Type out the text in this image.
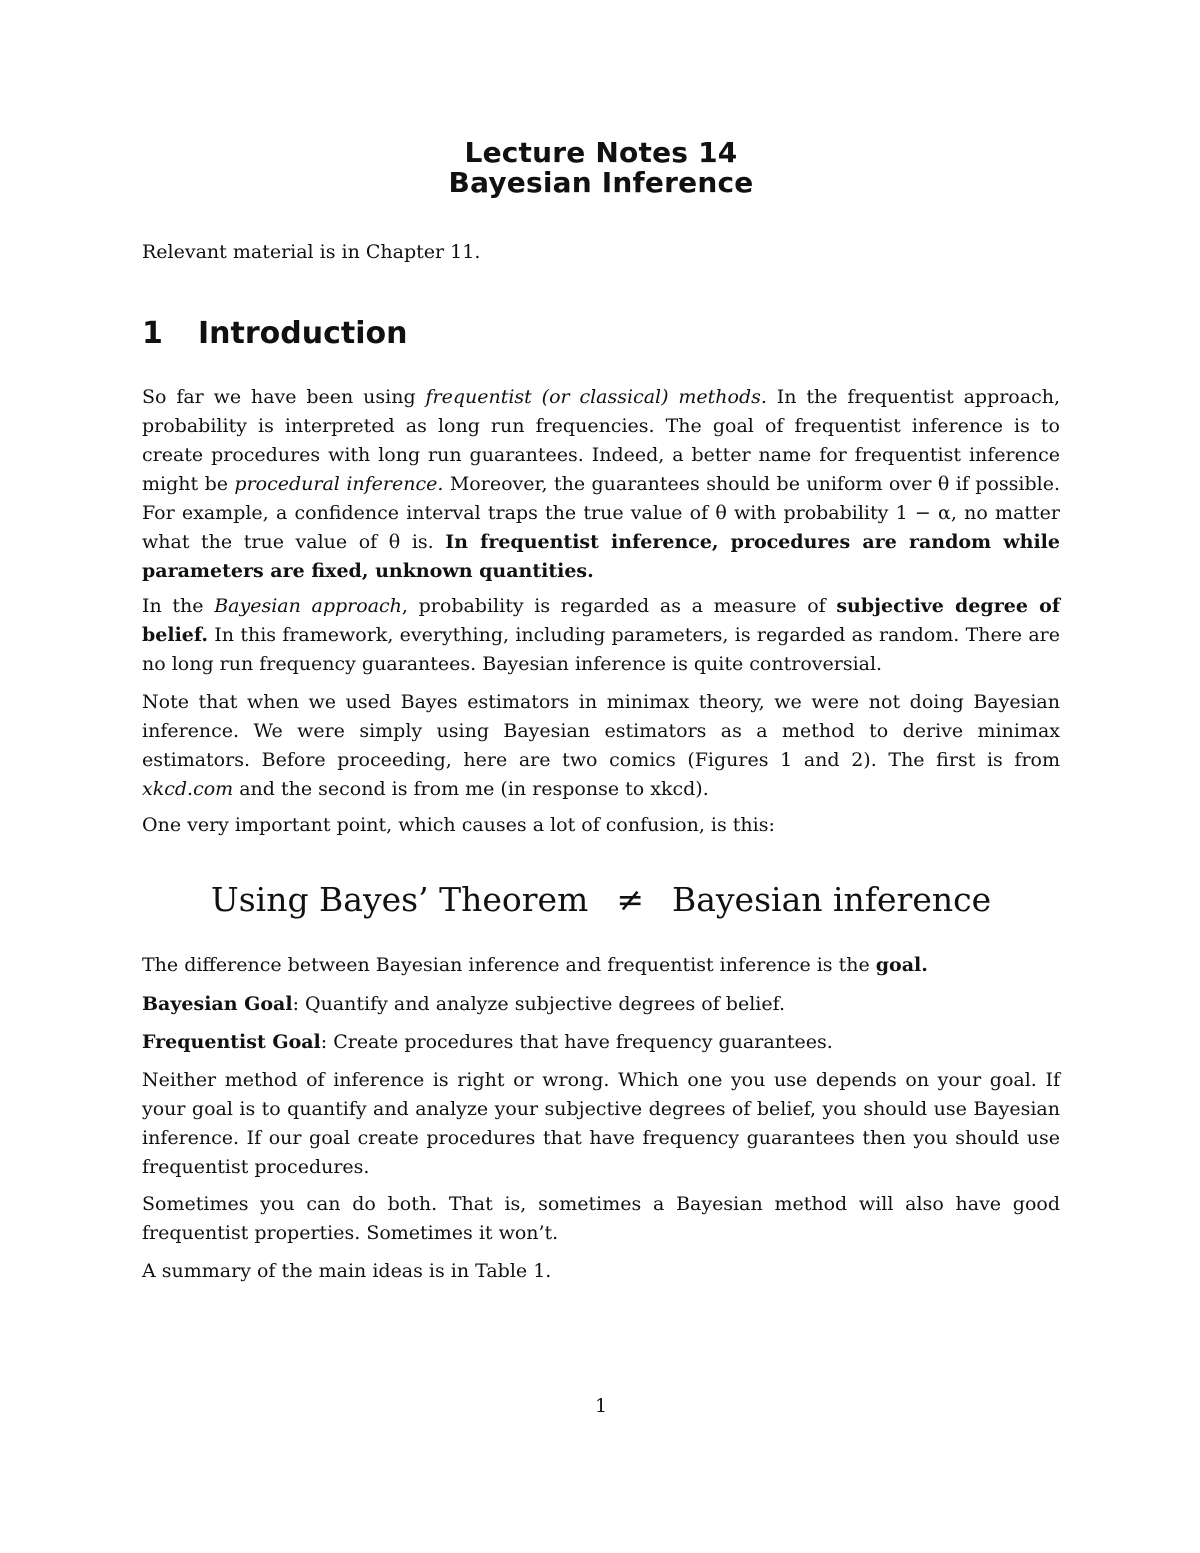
Lecture Notes 14
Bayesian Inference
Relevant material is in Chapter 11.
1 Introduction

So far we have been using frequentist (or classical) methods. In the frequentist approach, probability is interpreted as long run frequencies. The goal of frequentist inference is to create procedures with long run guarantees. Indeed, a better name for frequentist inference might be procedural inference. Moreover, the guarantees should be uniform over θ if possible. For example, a confidence interval traps the true value of θ with probability 1 − α, no matter what the true value of θ is. In frequentist inference, procedures are random while parameters are fixed, unknown quantities.

In the Bayesian approach, probability is regarded as a measure of subjective degree of belief. In this framework, everything, including parameters, is regarded as random. There are no long run frequency guarantees. Bayesian inference is quite controversial.

Note that when we used Bayes estimators in minimax theory, we were not doing Bayesian inference. We were simply using Bayesian estimators as a method to derive minimax estimators. Before proceeding, here are two comics (Figures 1 and 2). The first is from xkcd.com and the second is from me (in response to xkcd).

One very important point, which causes a lot of confusion, is this:

Using Bayes’ Theorem ≠ Bayesian inference

The difference between Bayesian inference and frequentist inference is the goal.

Bayesian Goal: Quantify and analyze subjective degrees of belief.

Frequentist Goal: Create procedures that have frequency guarantees.

Neither method of inference is right or wrong. Which one you use depends on your goal. If your goal is to quantify and analyze your subjective degrees of belief, you should use Bayesian inference. If our goal create procedures that have frequency guarantees then you should use frequentist procedures.

Sometimes you can do both. That is, sometimes a Bayesian method will also have good frequentist properties. Sometimes it won’t.

A summary of the main ideas is in Table 1.

1
